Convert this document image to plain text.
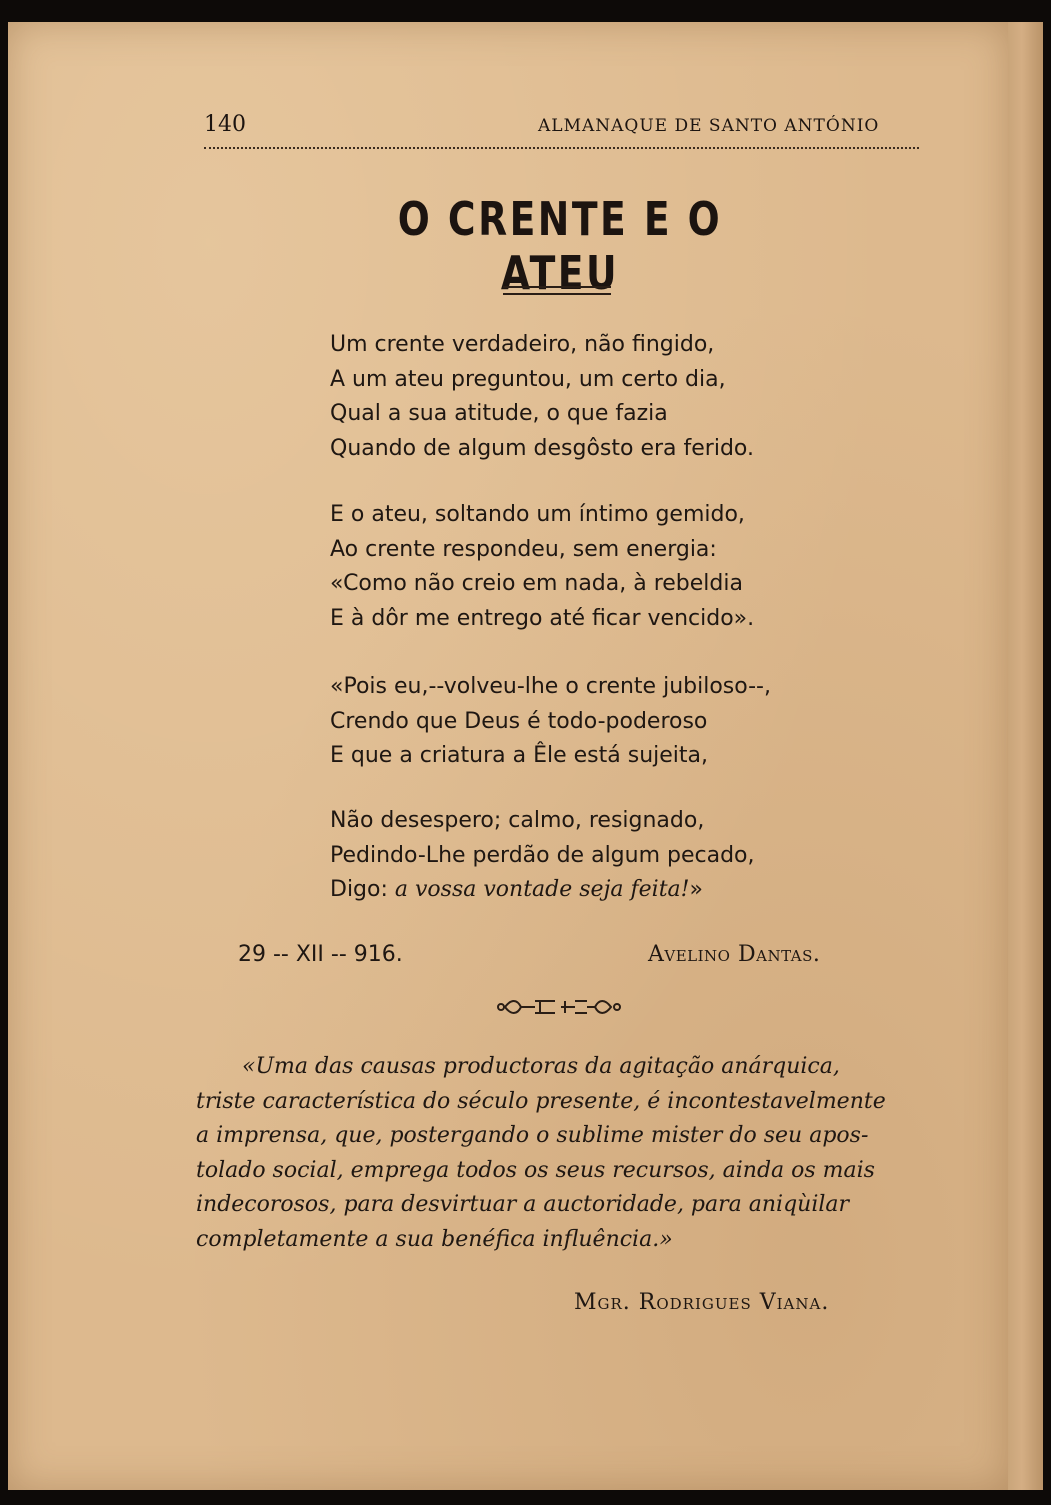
140	ALMANAQUE DE SANTO ANTÓNIO
O CRENTE E O ATEU
Um crente verdadeiro, não fingido,
A um ateu preguntou, um certo dia,
Qual a sua atitude, o que fazia
Quando de algum desgôsto era ferido.
E o ateu, soltando um íntimo gemido,
Ao crente respondeu, sem energia:
«Como não creio em nada, à rebeldia
E à dôr me entrego até ficar vencido».
«Pois eu,--volveu-lhe o crente jubiloso--,
Crendo que Deus é todo-poderoso
E que a criatura a Êle está sujeita,
Não desespero; calmo, resignado,
Pedindo-Lhe perdão de algum pecado,
Digo: a vossa vontade seja feita!»
29 -- XII -- 916.	Avelino Dantas.
«Uma das causas productoras da agitação anárquica,
triste característica do século presente, é incontestavelmente
a imprensa, que, postergando o sublime mister do seu apos-
tolado social, emprega todos os seus recursos, ainda os mais
indecorosos, para desvirtuar a auctoridade, para aniqùilar
completamente a sua benéfica influência.»
Mgr. Rodrigues Viana.
